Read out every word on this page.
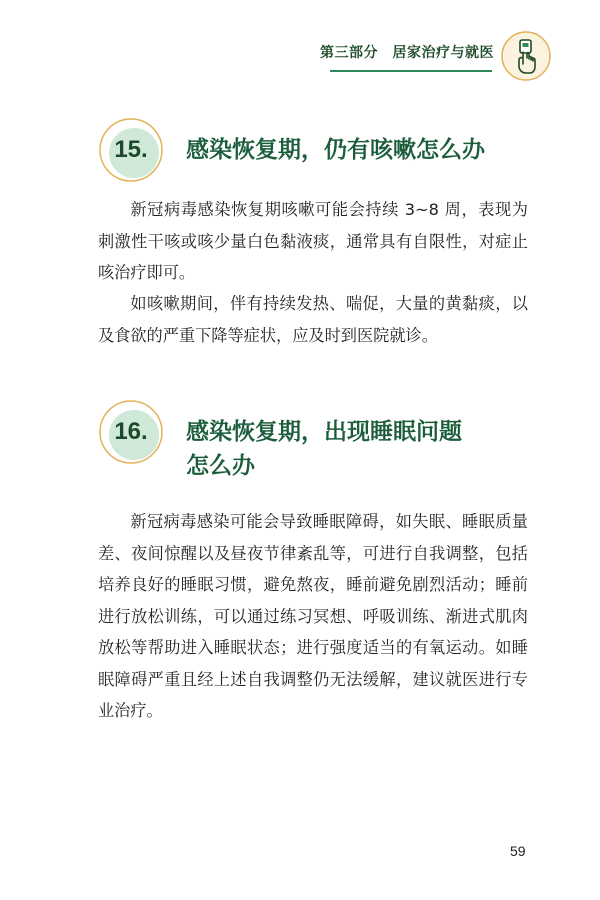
第三部分　居家治疗与就医
15.	感染恢复期，仍有咳嗽怎么办

新冠病毒感染恢复期咳嗽可能会持续 3~8 周，表现为刺激性干咳或咳少量白色黏液痰，通常具有自限性，对症止咳治疗即可。

如咳嗽期间，伴有持续发热、喘促，大量的黄黏痰，以及食欲的严重下降等症状，应及时到医院就诊。

16.	感染恢复期，出现睡眠问题
怎么办

新冠病毒感染可能会导致睡眠障碍，如失眠、睡眠质量差、夜间惊醒以及昼夜节律紊乱等，可进行自我调整，包括培养良好的睡眠习惯，避免熬夜，睡前避免剧烈活动；睡前进行放松训练，可以通过练习冥想、呼吸训练、渐进式肌肉放松等帮助进入睡眠状态；进行强度适当的有氧运动。如睡眠障碍严重且经上述自我调整仍无法缓解，建议就医进行专业治疗。

59
